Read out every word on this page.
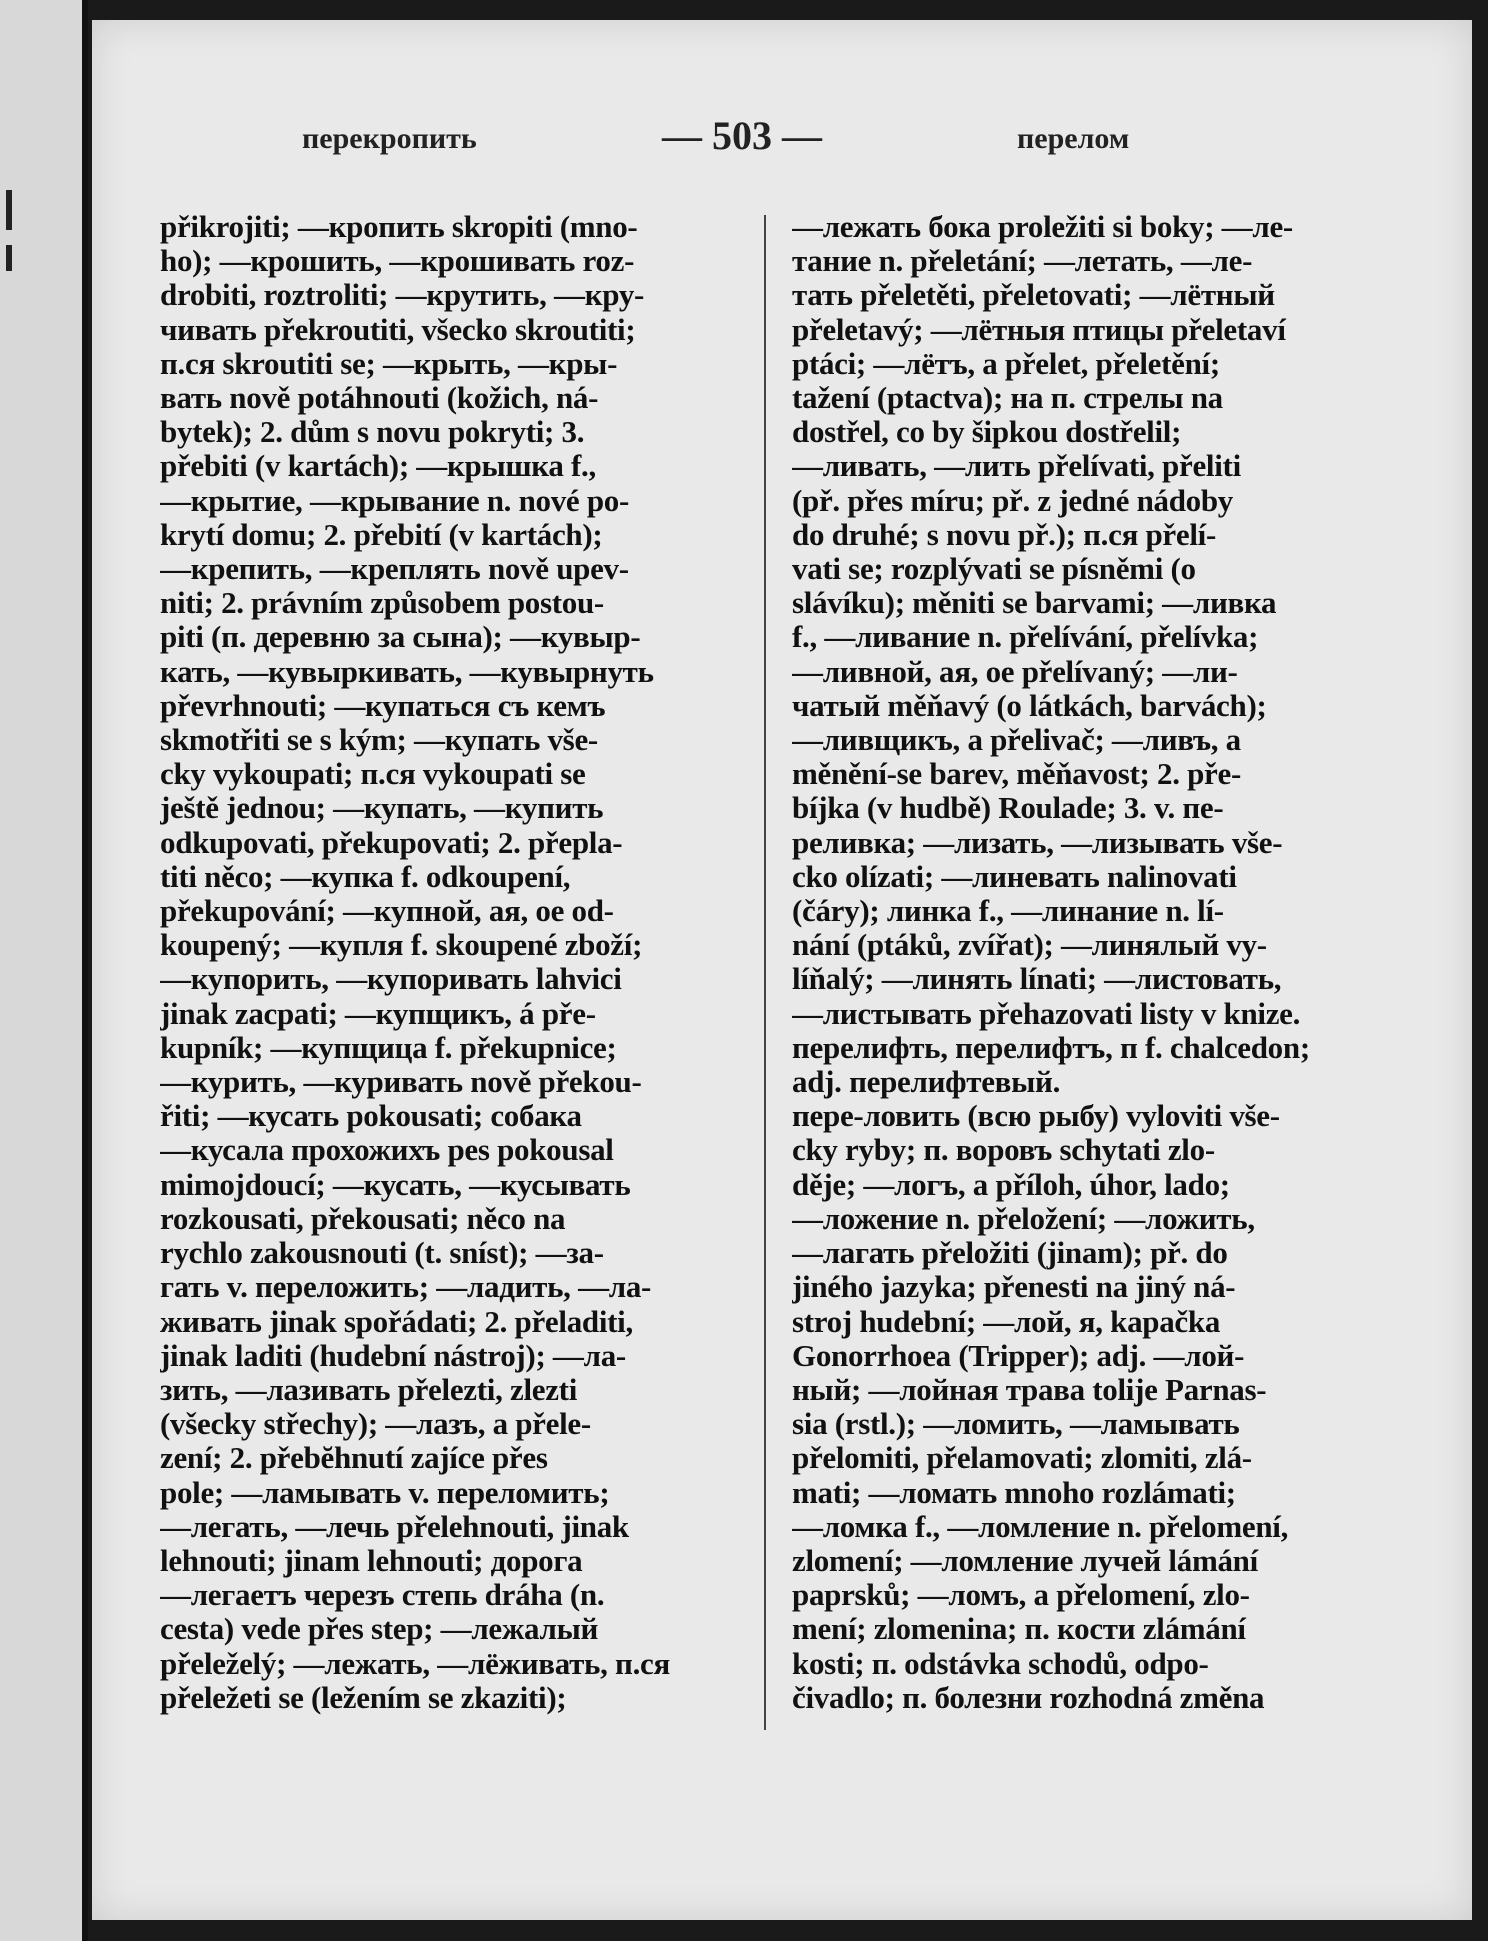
перекропить	— 503 —	перелом
přikrojiti; —кропить skropiti (mno-
ho); —крошить, —крошивать roz-
drobiti, roztroliti; —крутить, —кру-
чивать překroutiti, všecko skroutiti;
п.ся skroutiti se; —крыть, —кры-
вать nově potáhnouti (kožich, ná-
bytek); 2. dům s novu pokryti; 3.
přebiti (v kartách); —крышка f.,
—крытие, —крывание n. nové po-
krytí domu; 2. přebití (v kartách);
—крепить, —креплять nově upev-
niti; 2. právním způsobem postou-
piti (п. деревню за сына); —кувыр-
кать, —кувыркивать, —кувырнуть
převrhnouti; —купаться съ кемъ
skmotřiti se s kým; —купать vše-
cky vykoupati; п.ся vykoupati se
ještě jednou; —купать, —купить
odkupovati, překupovati; 2. přepla-
titi něco; —купка f. odkoupení,
překupování; —купной, ая, ое od-
koupený; —купля f. skoupené zboží;
—купорить, —купоривать lahvici
jinak zacpati; —купщикъ, á pře-
kupník; —купщица f. překupnice;
—курить, —куривать nově překou-
řiti; —кусать pokousati; собака
—кусала прохожихъ pes pokousal
mimojdoucí; —кусать, —кусывать
rozkousati, překousati; něco na
rychlo zakousnouti (t. sníst); —за-
гать v. переложить; —ладить, —ла-
живать jinak spořádati; 2. přeladiti,
jinak laditi (hudební nástroj); —ла-
зить, —лазивать přelezti, zlezti
(všecky střechy); —лазъ, a přele-
zení; 2. přebĕhnutí zajíce přes
pole; —ламывать v. переломить;
—легать, —лечь přelehnouti, jinak
lehnouti; jinam lehnouti; дорога
—легаетъ черезъ степь dráha (n.
cesta) vede přes step; —лежалый
přeleželý; —лежать, —лёживать, п.ся
přeležeti se (ležením se zkaziti);
—лежать бока proležiti si boky; —ле-
тание n. přeletání; —летать, —ле-
тать přeletěti, přeletovati; —лётный
přeletavý; —лётныя птицы přeletaví
ptáci; —лётъ, a přelet, přeletění;
tažení (ptactva); на п. стрелы na
dostřel, co by šipkou dostřelil;
—ливать, —лить přelívati, přeliti
(př. přes míru; př. z jedné nádoby
do druhé; s novu př.); п.ся přelí-
vati se; rozplývati se písněmi (o
slávíku); měniti se barvami; —ливка
f., —ливание n. přelívání, přelívka;
—ливной, ая, ое přelívaný; —ли-
чатый měňavý (o látkách, barvách);
—ливщикъ, a přelivač; —ливъ, a
měnění-se barev, měňavost; 2. pře-
bíjka (v hudbě) Roulade; 3. v. пе-
реливка; —лизать, —лизывать vše-
cko olízati; —линевать nalinovati
(čáry); линка f., —линание n. lí-
nání (ptáků, zvířat); —линялый vy-
líňalý; —линять línati; —листовать,
—листывать přehazovati listy v knize.
перелифть, перелифтъ, п f. chalcedon;
adj. перелифтевый.
пере-ловить (всю рыбу) vyloviti vše-
cky ryby; п. воровъ schytati zlo-
děje; —логъ, a příloh, úhor, lado;
—ложение n. přeložení; —ложить,
—лагать přeložiti (jinam); př. do
jiného jazyka; přenesti na jiný ná-
stroj hudební; —лой, я, kapačka
Gonorrhoea (Tripper); adj. —лой-
ный; —лойная трава tolije Parnas-
sia (rstl.); —ломить, —ламывать
přelomiti, přelamovati; zlomiti, zlá-
mati; —ломать mnoho rozlámati;
—ломка f., —ломление n. přelomení,
zlomení; —ломление лучей lámání
paprsků; —ломъ, a přelomení, zlo-
mení; zlomenina; п. кости zlámání
kosti; п. odstávka schodů, odpo-
čivadlo; п. болезни rozhodná změna
